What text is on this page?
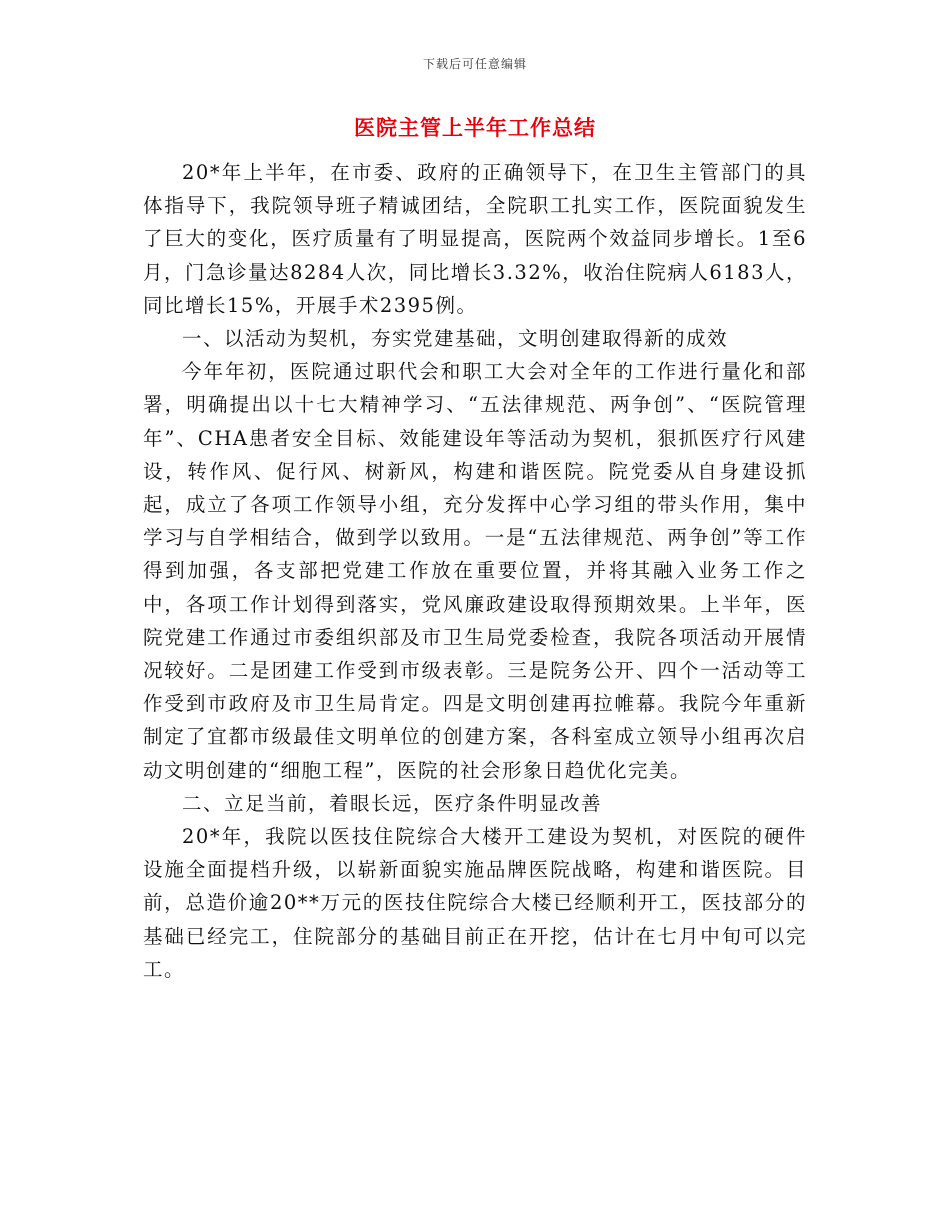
下载后可任意编辑
医院主管上半年工作总结

20*年上半年，在市委、政府的正确领导下，在卫生主管部门的具体指导下，我院领导班子精诚团结，全院职工扎实工作，医院面貌发生了巨大的变化，医疗质量有了明显提高，医院两个效益同步增长。1至6月，门急诊量达8284人次，同比增长3.32%，收治住院病人6183人，同比增长15%，开展手术2395例。

一、以活动为契机，夯实党建基础，文明创建取得新的成效

今年年初，医院通过职代会和职工大会对全年的工作进行量化和部署，明确提出以十七大精神学习、“五法律规范、两争创”、“医院管理年”、CHA患者安全目标、效能建设年等活动为契机，狠抓医疗行风建设，转作风、促行风、树新风，构建和谐医院。院党委从自身建设抓起，成立了各项工作领导小组，充分发挥中心学习组的带头作用，集中学习与自学相结合，做到学以致用。一是“五法律规范、两争创”等工作得到加强，各支部把党建工作放在重要位置，并将其融入业务工作之中，各项工作计划得到落实，党风廉政建设取得预期效果。上半年，医院党建工作通过市委组织部及市卫生局党委检查，我院各项活动开展情况较好。二是团建工作受到市级表彰。三是院务公开、四个一活动等工作受到市政府及市卫生局肯定。四是文明创建再拉帷幕。我院今年重新制定了宜都市级最佳文明单位的创建方案，各科室成立领导小组再次启动文明创建的“细胞工程”，医院的社会形象日趋优化完美。

二、立足当前，着眼长远，医疗条件明显改善

20*年，我院以医技住院综合大楼开工建设为契机，对医院的硬件设施全面提档升级，以崭新面貌实施品牌医院战略，构建和谐医院。目前，总造价逾20**万元的医技住院综合大楼已经顺利开工，医技部分的基础已经完工，住院部分的基础目前正在开挖，估计在七月中旬可以完工。
